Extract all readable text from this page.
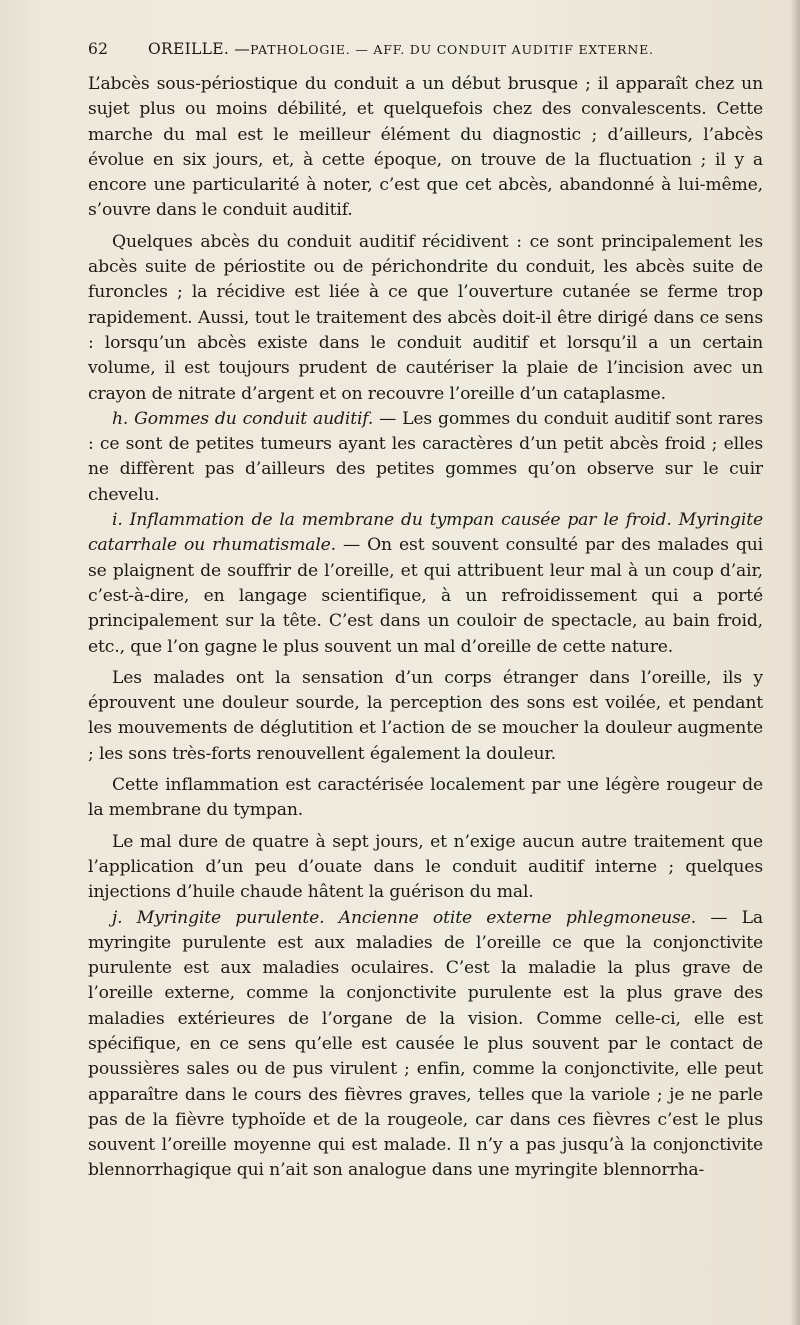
62	OREILLE. —PATHOLOGIE. — AFF. DU CONDUIT AUDITIF EXTERNE.

L’abcès sous-périostique du conduit a un début brusque ; il apparaît chez un sujet plus ou moins débilité, et quelquefois chez des convalescents. Cette marche du mal est le meilleur élément du diagnostic ; d’ailleurs, l’abcès évolue en six jours, et, à cette époque, on trouve de la fluctuation ; il y a encore une particularité à noter, c’est que cet abcès, abandonné à lui-même, s’ouvre dans le conduit auditif.

Quelques abcès du conduit auditif récidivent : ce sont principalement les abcès suite de périostite ou de périchondrite du conduit, les abcès suite de furoncles ; la récidive est liée à ce que l’ouverture cutanée se ferme trop rapidement. Aussi, tout le traitement des abcès doit-il être dirigé dans ce sens : lorsqu’un abcès existe dans le conduit auditif et lorsqu’il a un certain volume, il est toujours prudent de cautériser la plaie de l’incision avec un crayon de nitrate d’argent et on recouvre l’oreille d’un cataplasme.

h. Gommes du conduit auditif. — Les gommes du conduit auditif sont rares : ce sont de petites tumeurs ayant les caractères d’un petit abcès froid ; elles ne diffèrent pas d’ailleurs des petites gommes qu’on observe sur le cuir chevelu.

i. Inflammation de la membrane du tympan causée par le froid. Myringite catarrhale ou rhumatismale. — On est souvent consulté par des malades qui se plaignent de souffrir de l’oreille, et qui attribuent leur mal à un coup d’air, c’est-à-dire, en langage scientifique, à un refroidissement qui a porté principalement sur la tête. C’est dans un couloir de spectacle, au bain froid, etc., que l’on gagne le plus souvent un mal d’oreille de cette nature.

Les malades ont la sensation d’un corps étranger dans l’oreille, ils y éprouvent une douleur sourde, la perception des sons est voilée, et pendant les mouvements de déglutition et l’action de se moucher la douleur augmente ; les sons très-forts renouvellent également la douleur.

Cette inflammation est caractérisée localement par une légère rougeur de la membrane du tympan.

Le mal dure de quatre à sept jours, et n’exige aucun autre traitement que l’application d’un peu d’ouate dans le conduit auditif interne ; quelques injections d’huile chaude hâtent la guérison du mal.

j. Myringite purulente. Ancienne otite externe phlegmoneuse. — La myringite purulente est aux maladies de l’oreille ce que la conjonctivite purulente est aux maladies oculaires. C’est la maladie la plus grave de l’oreille externe, comme la conjonctivite purulente est la plus grave des maladies extérieures de l’organe de la vision. Comme celle-ci, elle est spécifique, en ce sens qu’elle est causée le plus souvent par le contact de poussières sales ou de pus virulent ; enfin, comme la conjonctivite, elle peut apparaître dans le cours des fièvres graves, telles que la variole ; je ne parle pas de la fièvre typhoïde et de la rougeole, car dans ces fièvres c’est le plus souvent l’oreille moyenne qui est malade. Il n’y a pas jusqu’à la conjonctivite blennorrhagique qui n’ait son analogue dans une myringite blennorrha-
